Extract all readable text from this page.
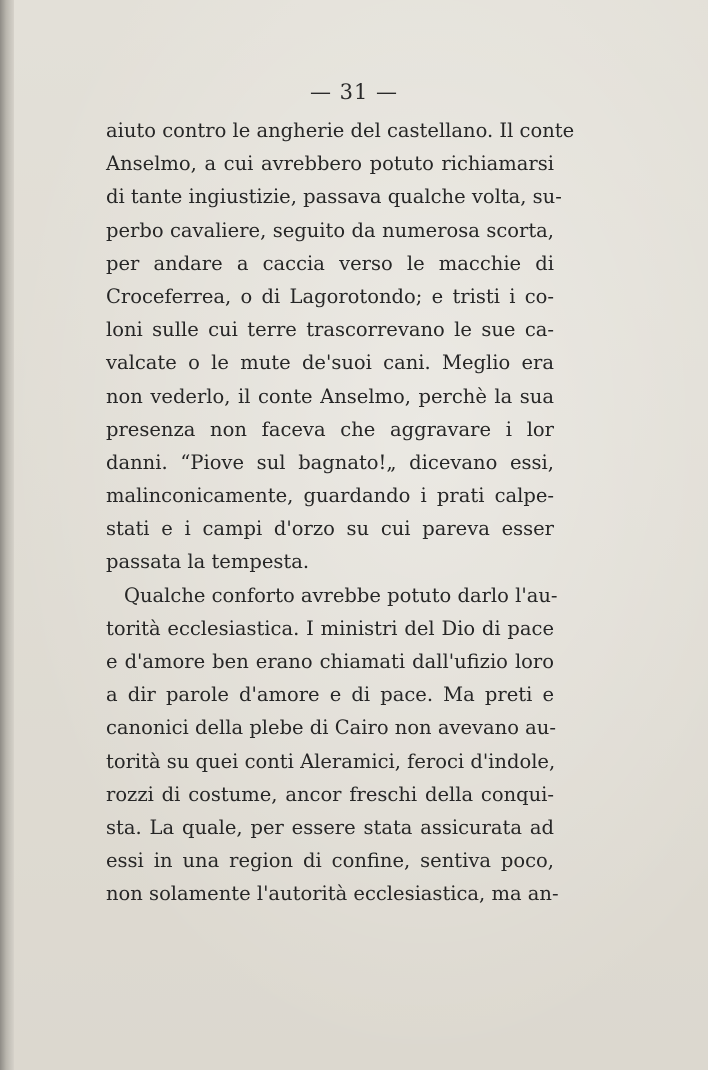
— 31 —
aiuto contro le angherie del castellano. Il conte
Anselmo, a cui avrebbero potuto richiamarsi
di tante ingiustizie, passava qualche volta, su-
perbo cavaliere, seguito da numerosa scorta,
per andare a caccia verso le macchie di
Croceferrea, o di Lagorotondo; e tristi i co-
loni sulle cui terre trascorrevano le sue ca-
valcate o le mute de'suoi cani. Meglio era
non vederlo, il conte Anselmo, perchè la sua
presenza non faceva che aggravare i lor
danni. “Piove sul bagnato!„ dicevano essi,
malinconicamente, guardando i prati calpe-
stati e i campi d'orzo su cui pareva esser
passata la tempesta.
Qualche conforto avrebbe potuto darlo l'au-
torità ecclesiastica. I ministri del Dio di pace
e d'amore ben erano chiamati dall'ufizio loro
a dir parole d'amore e di pace. Ma preti e
canonici della plebe di Cairo non avevano au-
torità su quei conti Aleramici, feroci d'indole,
rozzi di costume, ancor freschi della conqui-
sta. La quale, per essere stata assicurata ad
essi in una region di confine, sentiva poco,
non solamente l'autorità ecclesiastica, ma an-
